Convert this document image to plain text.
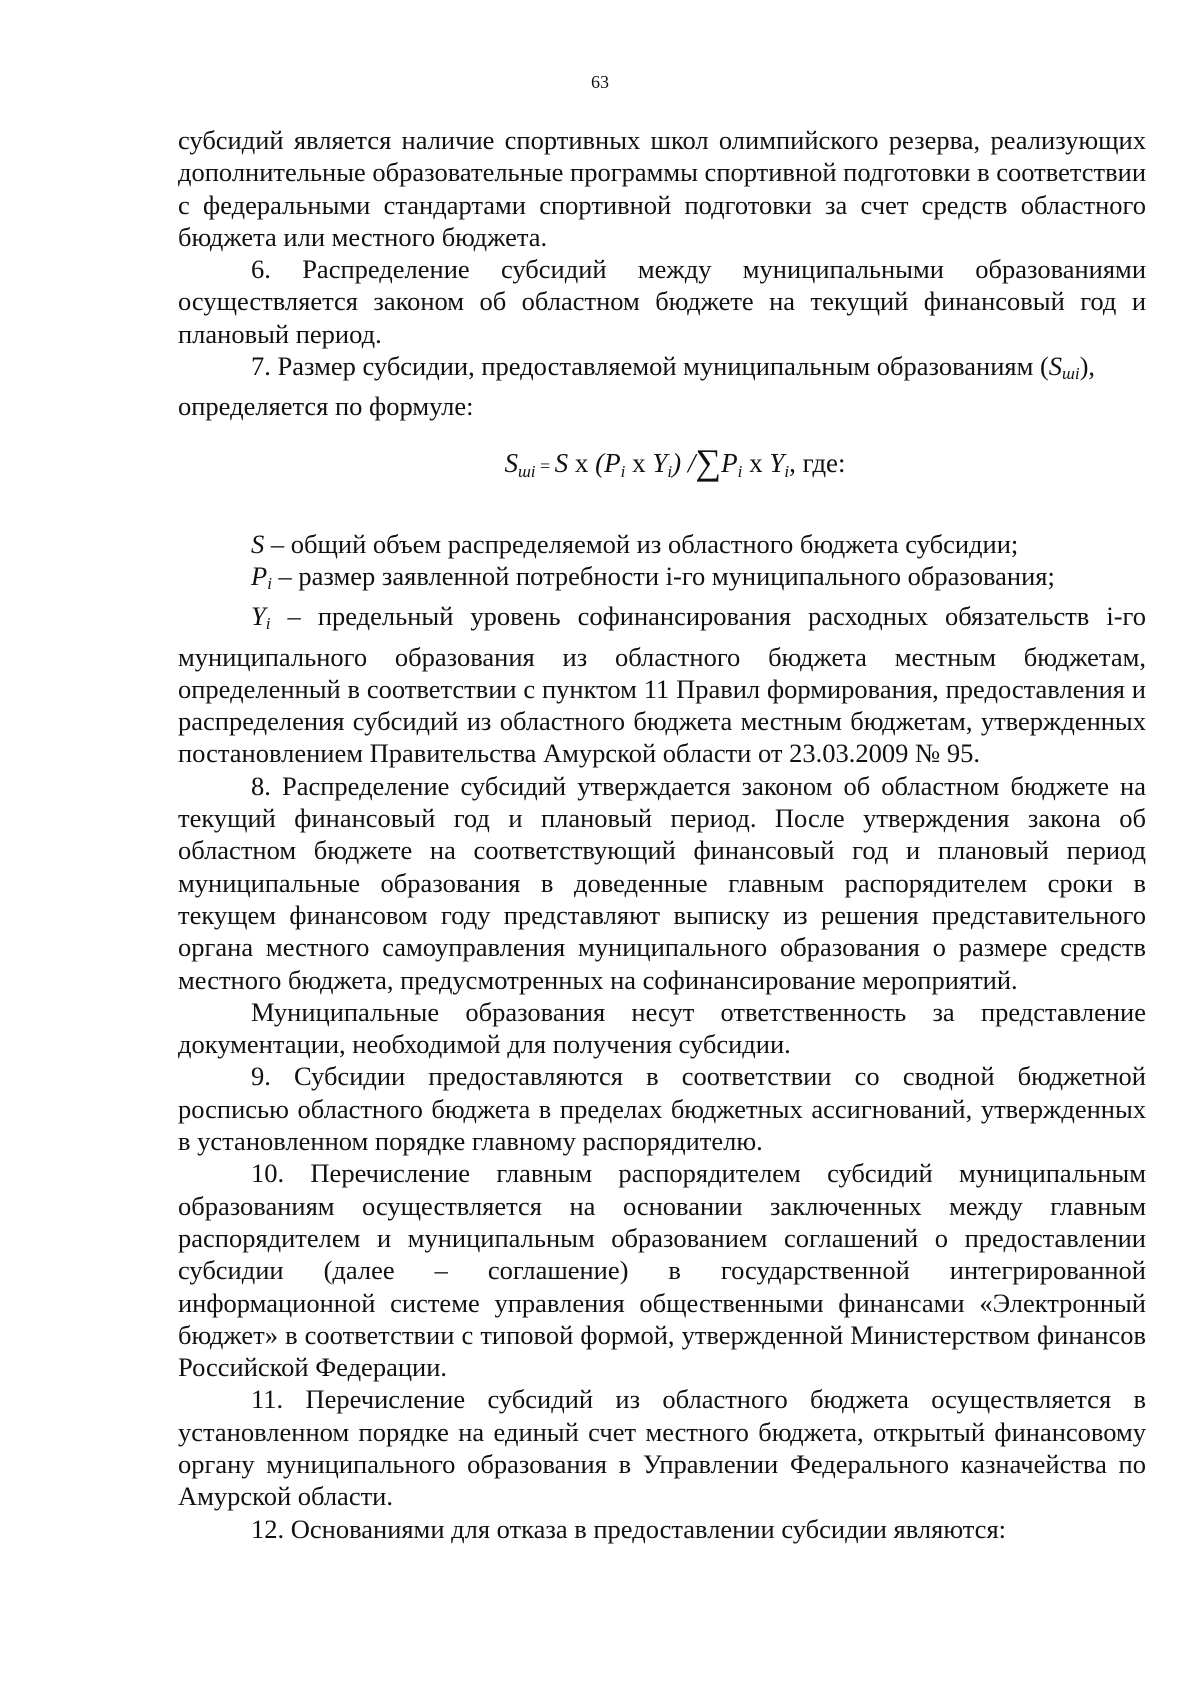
63

субсидий является наличие спортивных школ олимпийского резерва, реализующих дополнительные образовательные программы спортивной подготовки в соответствии с федеральными стандартами спортивной подготовки за счет средств областного бюджета или местного бюджета.

6. Распределение субсидий между муниципальными образованиями осуществляется законом об областном бюджете на текущий финансовый год и плановый период.

7. Размер субсидии, предоставляемой муниципальным образованиям $(S_{шi})$,

определяется по формуле:

$S_{шi} = S$ x ($P_i$ x $Y_i$) $/\sum P_i$ x $Y_i$, где:

S – общий объем распределяемой из областного бюджета субсидии;

$P_i$ – размер заявленной потребности i-го муниципального образования;

$Y_i$ – предельный уровень софинансирования расходных обязательств i-го муниципального образования из областного бюджета местным бюджетам, определенный в соответствии с пунктом 11 Правил формирования, предоставления и распределения субсидий из областного бюджета местным бюджетам, утвержденных постановлением Правительства Амурской области от 23.03.2009 № 95.

8. Распределение субсидий утверждается законом об областном бюджете на текущий финансовый год и плановый период. После утверждения закона об областном бюджете на соответствующий финансовый год и плановый период муниципальные образования в доведенные главным распорядителем сроки в текущем финансовом году представляют выписку из решения представительного органа местного самоуправления муниципального образования о размере средств местного бюджета, предусмотренных на софинансирование мероприятий.

Муниципальные образования несут ответственность за представление документации, необходимой для получения субсидии.

9. Субсидии предоставляются в соответствии со сводной бюджетной росписью областного бюджета в пределах бюджетных ассигнований, утвержденных в установленном порядке главному распорядителю.

10. Перечисление главным распорядителем субсидий муниципальным образованиям осуществляется на основании заключенных между главным распорядителем и муниципальным образованием соглашений о предоставлении субсидии (далее – соглашение) в государственной интегрированной информационной системе управления общественными финансами «Электронный бюджет» в соответствии с типовой формой, утвержденной Министерством финансов Российской Федерации.

11. Перечисление субсидий из областного бюджета осуществляется в установленном порядке на единый счет местного бюджета, открытый финансовому органу муниципального образования в Управлении Федерального казначейства по Амурской области.

12. Основаниями для отказа в предоставлении субсидии являются:
